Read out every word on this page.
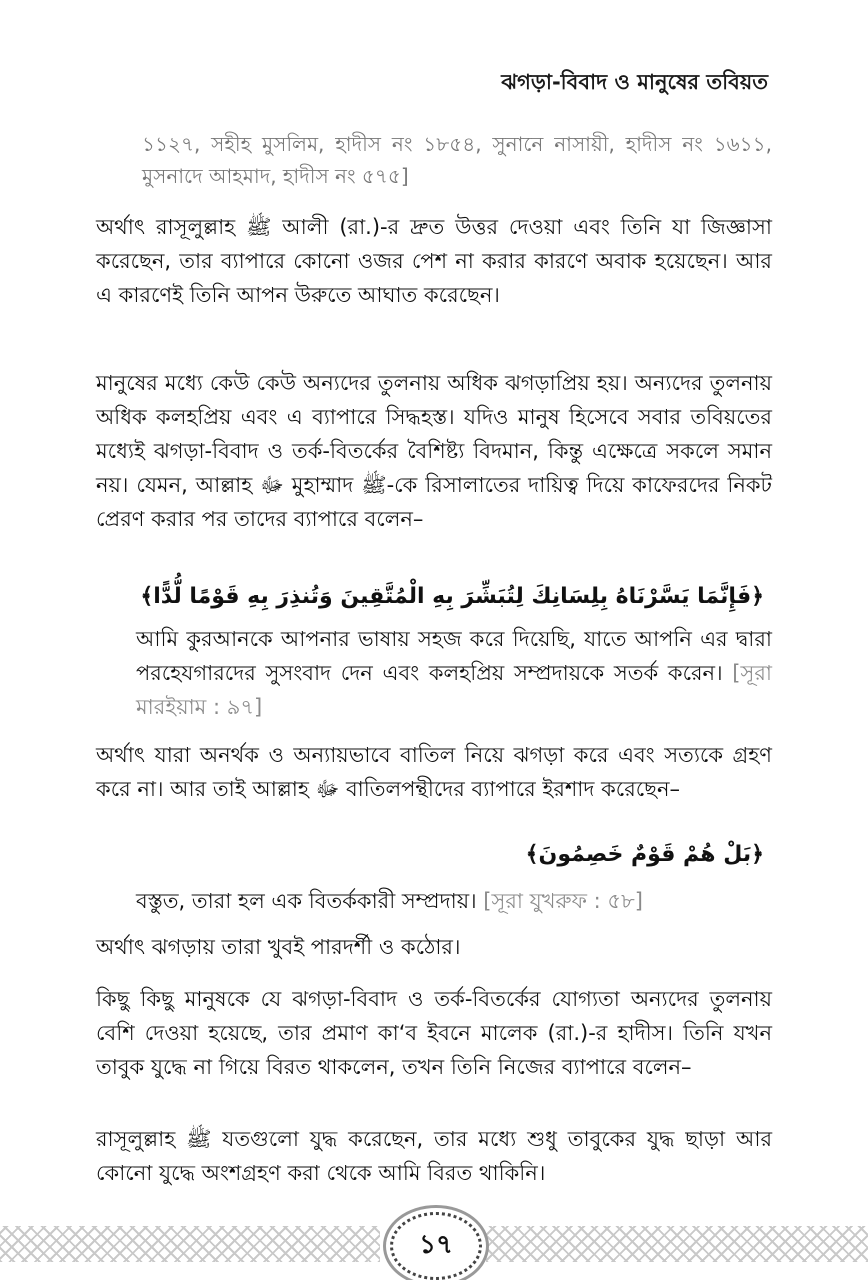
ঝগড়া-বিবাদ ও মানুষের তবিয়ত
১১২৭, সহীহ মুসলিম, হাদীস নং ১৮৫৪, সুনানে নাসায়ী, হাদীস নং ১৬১১, মুসনাদে আহমাদ, হাদীস নং ৫৭৫]
অর্থাৎ রাসূলুল্লাহ ﷺ আলী (রা.)-র দ্রুত উত্তর দেওয়া এবং তিনি যা জিজ্ঞাসা করেছেন, তার ব্যাপারে কোনো ওজর পেশ না করার কারণে অবাক হয়েছেন। আর এ কারণেই তিনি আপন উরুতে আঘাত করেছেন।
মানুষের মধ্যে কেউ কেউ অন্যদের তুলনায় অধিক ঝগড়াপ্রিয় হয়। অন্যদের তুলনায় অধিক কলহপ্রিয় এবং এ ব্যাপারে সিদ্ধহস্ত। যদিও মানুষ হিসেবে সবার তবিয়তের মধ্যেই ঝগড়া-বিবাদ ও তর্ক-বিতর্কের বৈশিষ্ট্য বিদমান, কিন্তু এক্ষেত্রে সকলে সমান নয়। যেমন, আল্লাহ ﷻ মুহাম্মাদ ﷺ-কে রিসালাতের দায়িত্ব দিয়ে কাফেরদের নিকট প্রেরণ করার পর তাদের ব্যাপারে বলেন–
﴿فَإِنَّمَا يَسَّرْنَاهُ بِلِسَانِكَ لِتُبَشِّرَ بِهِ الْمُتَّقِينَ وَتُنذِرَ بِهِ قَوْمًا لُّدًّا﴾
আমি কুরআনকে আপনার ভাষায় সহজ করে দিয়েছি, যাতে আপনি এর দ্বারা পরহেযগারদের সুসংবাদ দেন এবং কলহপ্রিয় সম্প্রদায়কে সতর্ক করেন। [সূরা মারইয়াম : ৯৭]
অর্থাৎ যারা অনর্থক ও অন্যায়ভাবে বাতিল নিয়ে ঝগড়া করে এবং সত্যকে গ্রহণ করে না। আর তাই আল্লাহ ﷻ বাতিলপন্থীদের ব্যাপারে ইরশাদ করেছেন–
﴿بَلْ هُمْ قَوْمٌ خَصِمُونَ﴾
বস্তুত, তারা হল এক বিতর্ককারী সম্প্রদায়। [সূরা যুখরুফ : ৫৮]
অর্থাৎ ঝগড়ায় তারা খুবই পারদর্শী ও কঠোর।
কিছু কিছু মানুষকে যে ঝগড়া-বিবাদ ও তর্ক-বিতর্কের যোগ্যতা অন্যদের তুলনায় বেশি দেওয়া হয়েছে, তার প্রমাণ কা‘ব ইবনে মালেক (রা.)-র হাদীস। তিনি যখন তাবুক যুদ্ধে না গিয়ে বিরত থাকলেন, তখন তিনি নিজের ব্যাপারে বলেন–
রাসূলুল্লাহ ﷺ যতগুলো যুদ্ধ করেছেন, তার মধ্যে শুধু তাবুকের যুদ্ধ ছাড়া আর কোনো যুদ্ধে অংশগ্রহণ করা থেকে আমি বিরত থাকিনি।
১৭
